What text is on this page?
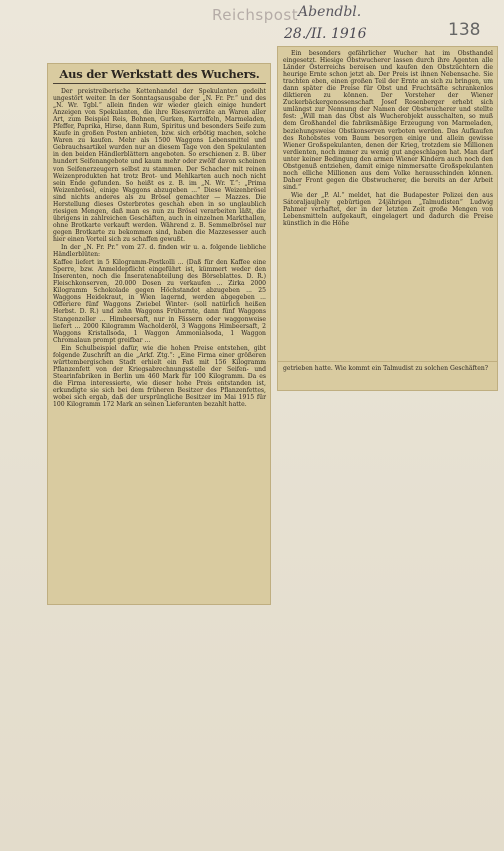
Reichspost Abendbl.
28./II. 1916	138
Aus der Werkstatt des Wuchers.

Der preistreiberische Kettenhandel der Spekulanten gedeiht ungestört weiter. In der Sonntagsausgabe der „N. Fr. Pr.“ und des „N. Wr. Tgbl.“ allein finden wir wieder gleich einige hundert Anzeigen von Spekulanten, die ihre Riesenvorräte an Waren aller Art, zum Beispiel Reis, Bohnen, Gurken, Kartoffeln, Marmeladen, Pfeffer, Paprika, Hirse, dann Rum, Spiritus und besonders Seife zum Kaufe in großen Posten anbieten, bzw. sich erbötig machen, solche Waren zu kaufen. Mehr als 1500 Waggons Lebensmittel und Gebrauchsartikel wurden nur an diesem Tage von den Spekulanten in den beiden Händlerblättern angeboten. So erschienen z. B. über hundert Seifenangebote und kaum mehr oder zwölf davon scheinen von Seifenerzeugern selbst zu stammen. Der Schacher mit reinen Weizenprodukten hat trotz Brot- und Mehlkarten auch noch nicht sein Ende gefunden. So heißt es z. B. im „N. Wr. T.“: „Prima Weizenbrösel, einige Waggons abzugeben ...“ Diese Weizenbrösel sind nichts anderes als zu Brösel gemachter — Mazzes. Die Herstellung dieses Osterbrotes geschah eben in so unglaublich riesigen Mengen, daß man es nun zu Brösel verarbeiten läßt, die übrigens in zahlreichen Geschäften, auch in einzelnen Markthallen, ohne Brotkarte verkauft werden. Während z. B. Semmelbrösel nur gegen Brotkarte zu bekommen sind, haben die Mazzesesser auch hier einen Vorteil sich zu schaffen gewußt.

In der „N. Fr. Pr.“ vom 27. d. finden wir u. a. folgende liebliche Händlerblüten:

Kaffee liefert in 5 Kilogramm-Postkolli ... (Daß für den Kaffee eine Sperre, bzw. Anmeldepflicht eingeführt ist, kümmert weder den Inserenten, noch die Inseratenabteilung des Börseblattes. D. R.) Fleischkonserven, 20.000 Dosen zu verkaufen ... Zirka 2000 Kilogramm Schokolade gegen Höchstandot abzugeben ... 25 Waggons Heidekraut, in Wien lagernd, werden abgegeben ... Offeriere fünf Waggons Zwiebel Winter- (soll natürlich heißen Herbst. D. R.) und zehn Waggons Frühernte, dann fünf Waggons Stangenzeller ... Himbeersaft, nur in Fässern oder waggonweise liefert ... 2000 Kilogramm Wacholderöl, 3 Waggons Himbeersaft, 2 Waggons Kristallsoda, 1 Waggon Ammonialsoda, 1 Waggon Chromalaun prompt greifbar ...

Ein Schulbeispiel dafür, wie die hohen Preise entstehen, gibt folgende Zuschrift an die „Arkf. Ztg.“: „Eine Firma einer größeren württembergischen Stadt erhielt ein Faß mit 156 Kilogramm Pflanzenfett von der Kriegsabrechnungsstelle der Seifen- und Stearinfabriken in Berlin um 460 Mark für 100 Kilogramm. Da es die Firma interessierte, wie dieser hohe Preis entstanden ist, erkundigte sie sich bei dem früheren Besitzer des Pflanzenfettes, wobei sich ergab, daß der ursprüngliche Besitzer im Mai 1915 für 100 Kilogramm 172 Mark an seinen Lieferanten bezahlt hatte.

Ein besonders gefährlicher Wucher hat im Obsthandel eingesetzt. Hiesige Obstwucherer lassen durch ihre Agenten alle Länder Österreichs bereisen und kaufen den Obstzüchtern die heurige Ernte schon jetzt ab. Der Preis ist ihnen Nebensache. Sie trachten eben, einen großen Teil der Ernte an sich zu bringen, um dann später die Preise für Obst und Fruchtsäfte schrankenlos diktieren zu können. Der Vorsteher der Wiener Zuckerbäckergenossenschaft Josef Rosenberger erhebt sich umlängst zur Nennung der Namen der Obstwucherer und stellte fest: „Will man das Obst als Wucherobjekt ausschalten, so muß dem Großhandel die fabriksmäßige Erzeugung von Marmeladen, beziehungsweise Obstkonserven verboten werden. Das Aufkaufen des Rohobstes vom Baum besorgen einige und allein gewisse Wiener Großspekulanten, denen der Krieg, trotzdem sie Millionen verdienten, noch immer zu wenig gut angeschlagen hat. Man darf unter keiner Bedingung den armen Wiener Kindern auch noch den Obstgenuß entziehen, damit einige nimmersatte Großspekulanten noch elliche Millionen aus dem Volke herausschinden können. Daher Front gegen die Obstwucherer, die bereits an der Arbeit sind.“

Wie der „P. Al.“ meldet, hat die Budapester Polizei den aus Sátoraljaujhely gebürtigen 24jährigen „Talmudisten“ Ludwig Pahmer verhaftet, der in der letzten Zeit große Mengen von Lebensmitteln aufgekauft, eingelagert und dadurch die Preise künstlich in die Höhe

getrieben hatte. Wie kommt ein Talmudist zu solchen Geschäften?
